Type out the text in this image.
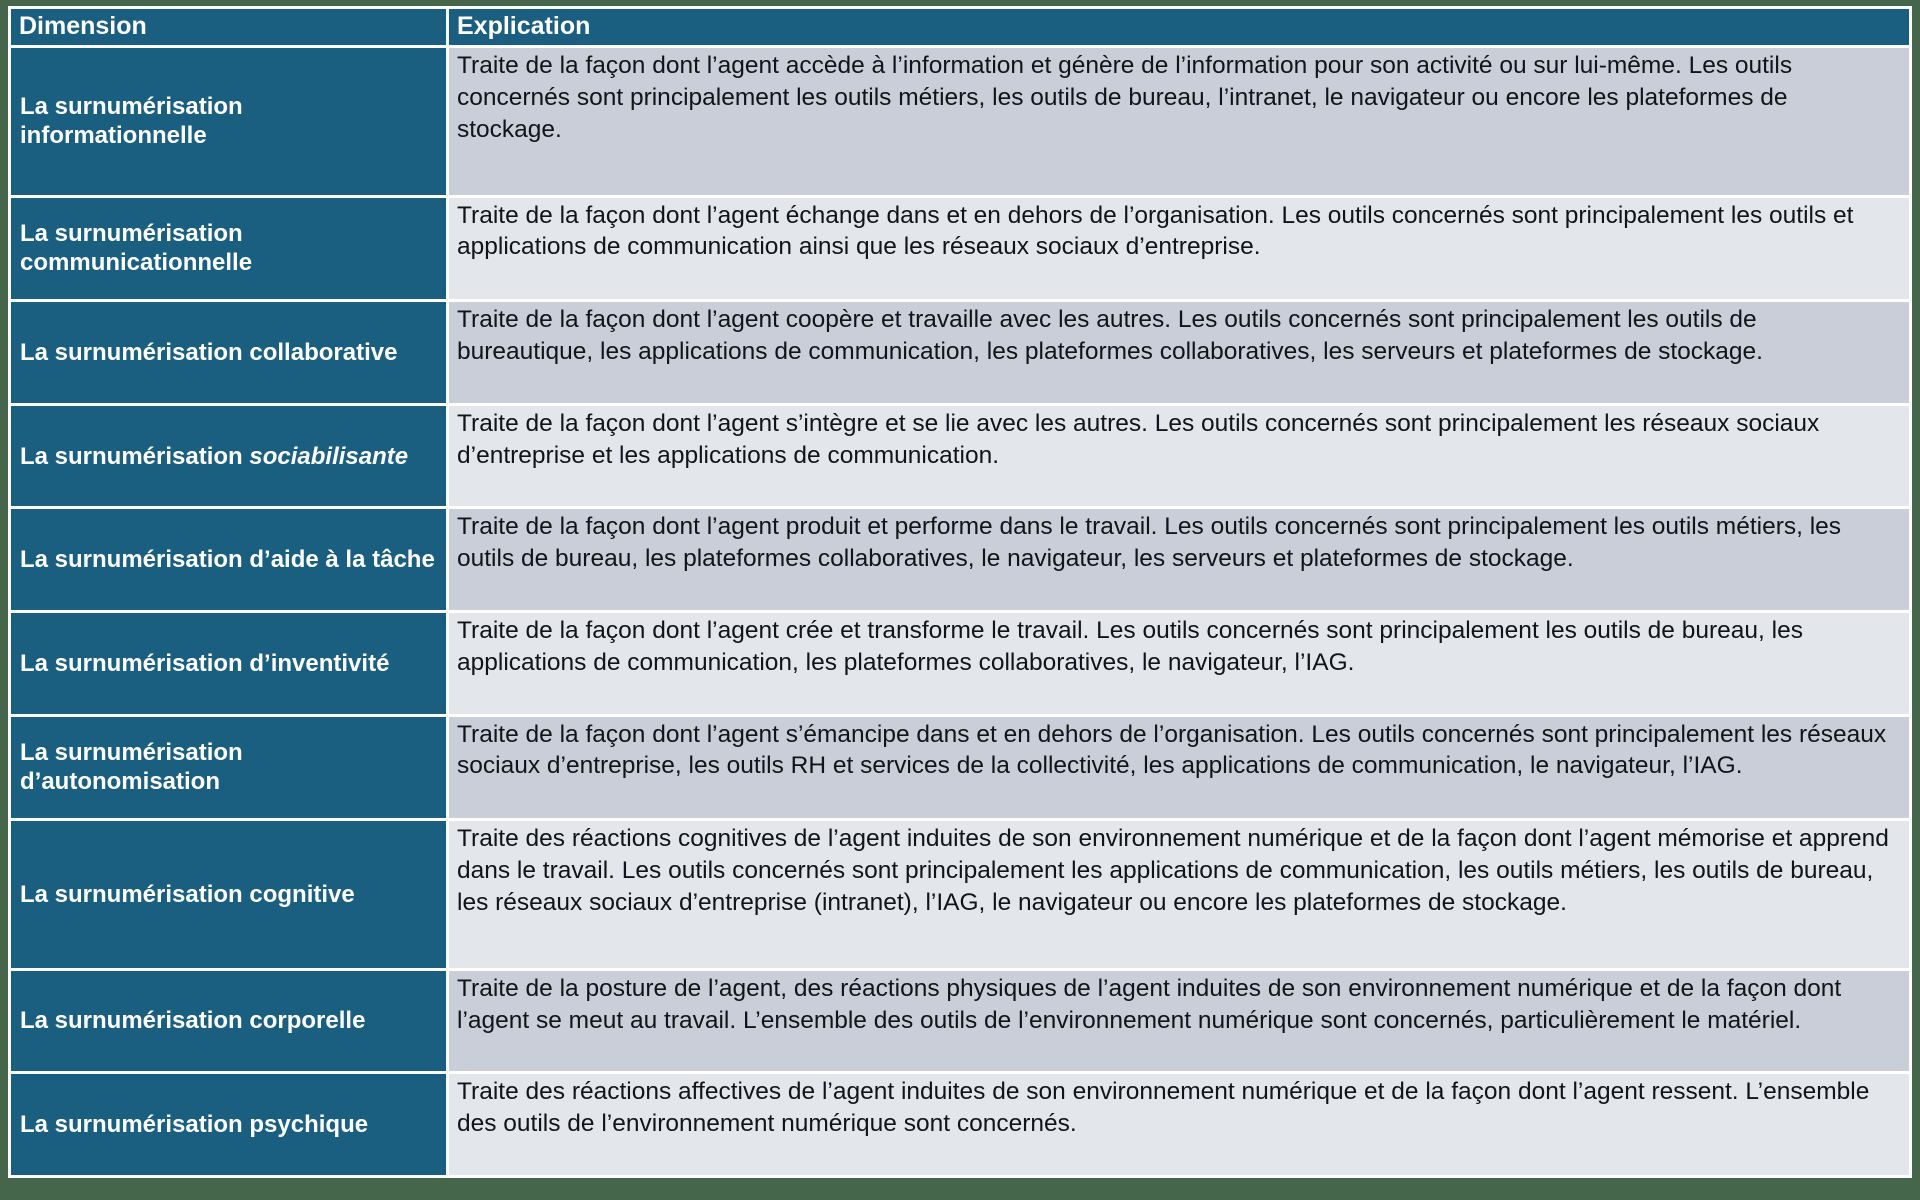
Dimension	Explication
La surnumérisation informationnelle	Traite de la façon dont l’agent accède à l’information et génère de l’information pour son activité ou sur lui-même. Les outils concernés sont principalement les outils métiers, les outils de bureau, l’intranet, le navigateur ou encore les plateformes de stockage.
La surnumérisation communicationnelle	Traite de la façon dont l’agent échange dans et en dehors de l’organisation. Les outils concernés sont principalement les outils et applications de communication ainsi que les réseaux sociaux d’entreprise.
La surnumérisation collaborative	Traite de la façon dont l’agent coopère et travaille avec les autres. Les outils concernés sont principalement les outils de bureautique, les applications de communication, les plateformes collaboratives, les serveurs et plateformes de stockage.
La surnumérisation sociabilisante	Traite de la façon dont l’agent s’intègre et se lie avec les autres. Les outils concernés sont principalement les réseaux sociaux d’entreprise et les applications de communication.
La surnumérisation d’aide à la tâche	Traite de la façon dont l’agent produit et performe dans le travail. Les outils concernés sont principalement les outils métiers, les outils de bureau, les plateformes collaboratives, le navigateur, les serveurs et plateformes de stockage.
La surnumérisation d’inventivité	Traite de la façon dont l’agent crée et transforme le travail. Les outils concernés sont principalement les outils de bureau, les applications de communication, les plateformes collaboratives, le navigateur, l’IAG.
La surnumérisation d’autonomisation	Traite de la façon dont l’agent s’émancipe dans et en dehors de l’organisation. Les outils concernés sont principalement les réseaux sociaux d’entreprise, les outils RH et services de la collectivité, les applications de communication, le navigateur, l’IAG.
La surnumérisation cognitive	Traite des réactions cognitives de l’agent induites de son environnement numérique et de la façon dont l’agent mémorise et apprend dans le travail. Les outils concernés sont principalement les applications de communication, les outils métiers, les outils de bureau, les réseaux sociaux d’entreprise (intranet), l’IAG, le navigateur ou encore les plateformes de stockage.
La surnumérisation corporelle	Traite de la posture de l’agent, des réactions physiques de l’agent induites de son environnement numérique et de la façon dont l’agent se meut au travail. L’ensemble des outils de l’environnement numérique sont concernés, particulièrement le matériel.
La surnumérisation psychique	Traite des réactions affectives de l’agent induites de son environnement numérique et de la façon dont l’agent ressent. L’ensemble des outils de l’environnement numérique sont concernés.
